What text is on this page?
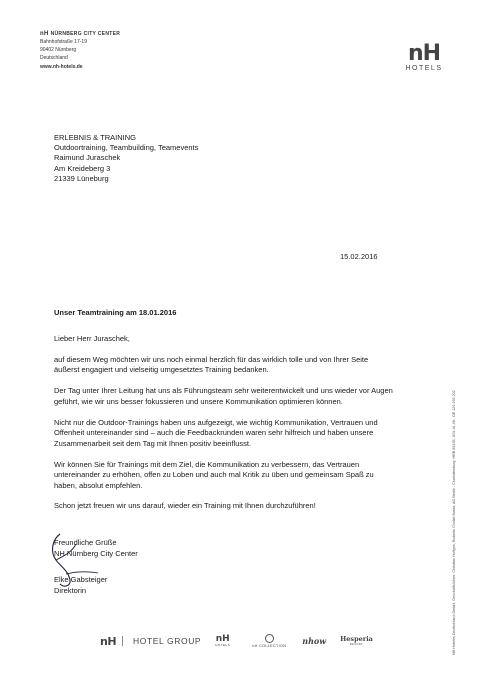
nH NÜRNBERG CITY CENTER
Bahnhofstraße 17-19
90402 Nürnberg
Deutschland
www.nh-hotels.de
nH
HOTELS
ERLEBNIS & TRAINING
Outdoortraining, Teambuilding, Teamevents
Raimund Juraschek
Am Kreideberg 3
21339 Lüneburg
15.02.2016
Unser Teamtraining am 18.01.2016

Lieber Herr Juraschek,

auf diesem Weg möchten wir uns noch einmal herzlich für das wirklich tolle und von Ihrer Seite äußerst engagiert und vielseitig umgesetztes Training bedanken.

Der Tag unter Ihrer Leitung hat uns als Führungsteam sehr weiterentwickelt und uns wieder vor Augen geführt, wie wir uns besser fokussieren und unsere Kommunikation optimieren können.

Nicht nur die Outdoor-Trainings haben uns aufgezeigt, wie wichtig Kommunikation, Vertrauen und Offenheit untereinander sind – auch die Feedbackrunden waren sehr hilfreich und haben unsere Zusammenarbeit seit dem Tag mit Ihnen positiv beeinflusst.

Wir können Sie für Trainings mit dem Ziel, die Kommunikation zu verbessern, das Vertrauen untereinander zu erhöhen, offen zu Loben und auch mal Kritik zu üben und gemeinsam Spaß zu haben, absolut empfehlen.

Schon jetzt freuen wir uns darauf, wieder ein Training mit Ihnen durchzuführen!

Freundliche Grüße
NH Nürnberg City Center
Elke Gabsteiger
Direktorin	NH Hoteles Deutschland GmbH, Geschäftsführer: Christian Hoffgen, Roberto Chollet Ibarra, AG Berlin - Charlottenburg: HRB 69135, USt.-Id.-Nr.: DE 129 293 202
nH HOTEL GROUP nH
HOTELS	nH COLLECTION nhow Hesperia
RESORT
